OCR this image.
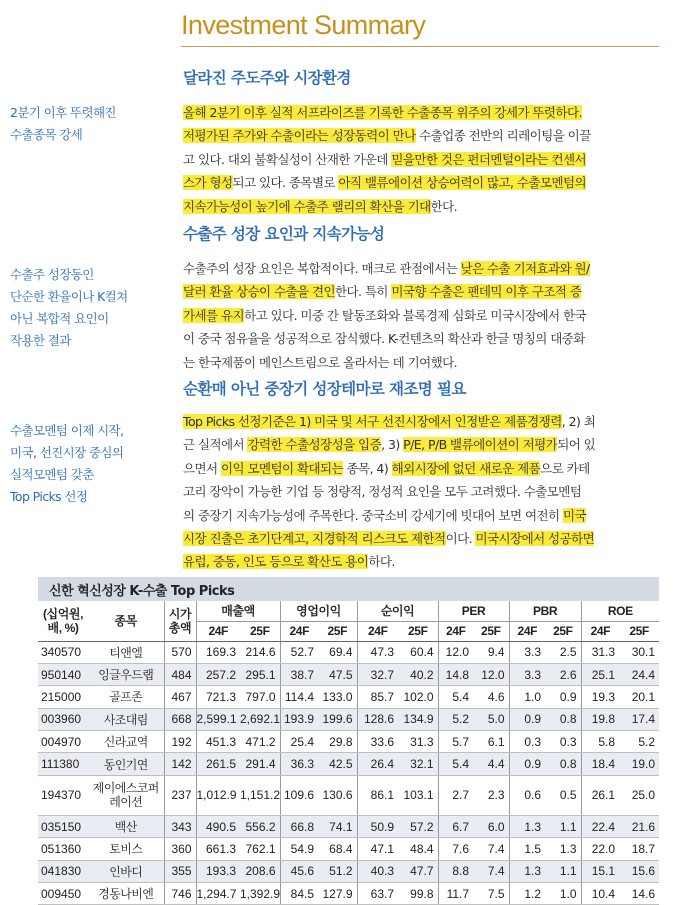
Investment Summary
달라진 주도주와 시장환경
2분기 이후 뚜렷해진
수출종목 강세
올해 2분기 이후 실적 서프라이즈를 기록한 수출종목 위주의 강세가 뚜렷하다.
저평가된 주가와 수출이라는 성장동력이 만나 수출업종 전반의 리레이팅을 이끌
고 있다. 대외 불확실성이 산재한 가운데 믿을만한 것은 펀더멘털이라는 컨센서
스가 형성되고 있다. 종목별로 아직 밸류에이션 상승여력이 많고, 수출모멘텀의
지속가능성이 높기에 수출주 랠리의 확산을 기대한다.
수출주 성장 요인과 지속가능성
수출주 성장동인
단순한 환율이나 K컬쳐
아닌 복합적 요인이
작용한 결과
수출주의 성장 요인은 복합적이다. 매크로 관점에서는 낮은 수출 기저효과와 원/
달러 환율 상승이 수출을 견인한다. 특히 미국향 수출은 팬데믹 이후 구조적 증
가세를 유지하고 있다. 미중 간 탈동조화와 블록경제 심화로 미국시장에서 한국
이 중국 점유율을 성공적으로 잠식했다. K-컨텐츠의 확산과 한글 명칭의 대중화
는 한국제품이 메인스트림으로 올라서는 데 기여했다.
순환매 아닌 중장기 성장테마로 재조명 필요
수출모멘텀 이제 시작,
미국, 선진시장 중심의
실적모멘텀 갖춘
Top Picks 선정
Top Picks 선정기준은 1) 미국 및 서구 선진시장에서 인정받은 제품경쟁력, 2) 최
근 실적에서 강력한 수출성장성을 입증, 3) P/E, P/B 밸류에이션이 저평가되어 있
으면서 이익 모멘텀이 확대되는 종목, 4) 해외시장에 없던 새로운 제품으로 카테
고리 장악이 가능한 기업 등 정량적, 정성적 요인을 모두 고려했다. 수출모멘텀
의 중장기 지속가능성에 주목한다. 중국소비 강세기에 빗대어 보면 여전히 미국
시장 진출은 초기단계고, 지경학적 리스크도 제한적이다. 미국시장에서 성공하면
유럽, 중동, 인도 등으로 확산도 용이하다.
신한 혁신성장 K-수출 Top Picks
(십억원,
배, %)	종목	시가
총액	매출액		영업이익		순이익		PER		PBR		ROE	
			24F	25F	24F	25F	24F	25F	24F	25F	24F	25F	24F	25F
340570	티앤엘	570	169.3	214.6	52.7	69.4	47.3	60.4	12.0	9.4	3.3	2.5	31.3	30.1
950140	잉글우드랩	484	257.2	295.1	38.7	47.5	32.7	40.2	14.8	12.0	3.3	2.6	25.1	24.4
215000	골프존	467	721.3	797.0	114.4	133.0	85.7	102.0	5.4	4.6	1.0	0.9	19.3	20.1
003960	사조대림	668	2,599.1	2,692.1	193.9	199.6	128.6	134.9	5.2	5.0	0.9	0.8	19.8	17.4
004970	신라교역	192	451.3	471.2	25.4	29.8	33.6	31.3	5.7	6.1	0.3	0.3	5.8	5.2
111380	동인기연	142	261.5	291.4	36.3	42.5	26.4	32.1	5.4	4.4	0.9	0.8	18.4	19.0
194370	제이에스코퍼
레이션	237	1,012.9	1,151.2	109.6	130.6	86.1	103.1	2.7	2.3	0.6	0.5	26.1	25.0
035150	백산	343	490.5	556.2	66.8	74.1	50.9	57.2	6.7	6.0	1.3	1.1	22.4	21.6
051360	토비스	360	661.3	762.1	54.9	68.4	47.1	48.4	7.6	7.4	1.5	1.3	22.0	18.7
041830	인바디	355	193.3	208.6	45.6	51.2	40.3	47.7	8.8	7.4	1.3	1.1	15.1	15.6
009450	경동나비엔	746	1,294.7	1,392.9	84.5	127.9	63.7	99.8	11.7	7.5	1.2	1.0	10.4	14.6
